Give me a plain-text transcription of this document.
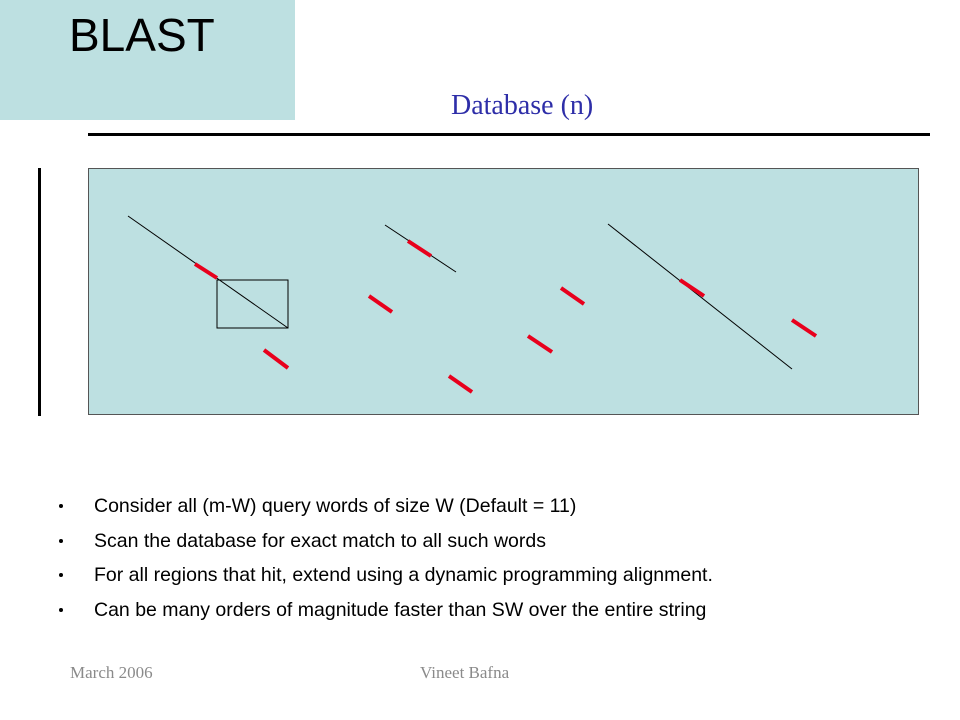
BLAST
Database (n)
Consider all (m-W) query words of size W (Default = 11)
Scan the database for exact match to all such words
For all regions that hit, extend using a dynamic programming alignment.
Can be many orders of magnitude faster than SW over the entire string
March 2006	Vineet Bafna
